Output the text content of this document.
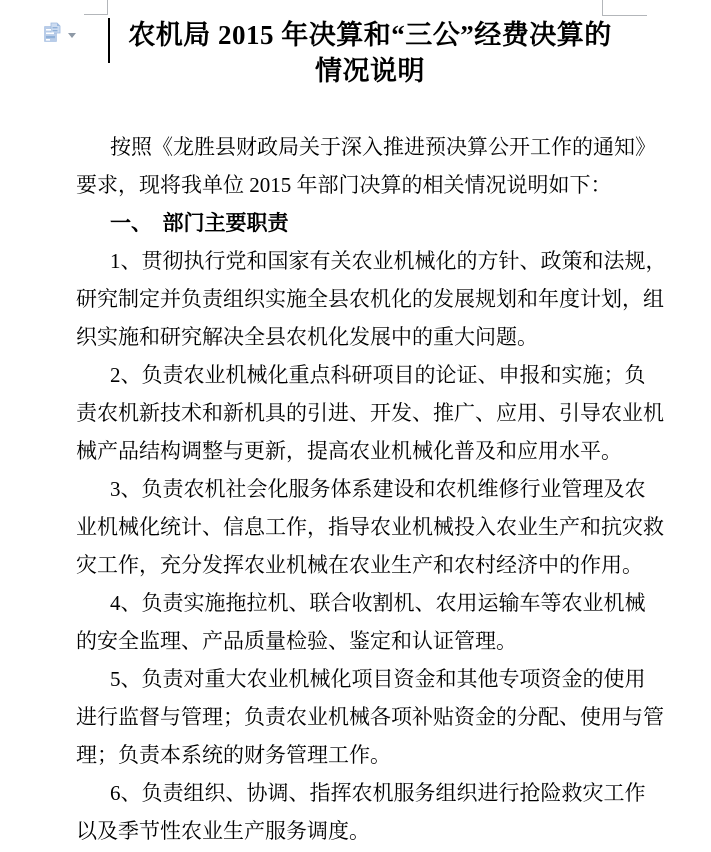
农机局 2015 年决算和“三公”经费决算的
情况说明
按照《龙胜县财政局关于深入推进预决算公开工作的通知》
要求，现将我单位 2015 年部门决算的相关情况说明如下：
一、　部门主要职责
1、贯彻执行党和国家有关农业机械化的方针、政策和法规，
研究制定并负责组织实施全县农机化的发展规划和年度计划，组
织实施和研究解决全县农机化发展中的重大问题。
2、负责农业机械化重点科研项目的论证、申报和实施；负
责农机新技术和新机具的引进、开发、推广、应用、引导农业机
械产品结构调整与更新，提高农业机械化普及和应用水平。
3、负责农机社会化服务体系建设和农机维修行业管理及农
业机械化统计、信息工作，指导农业机械投入农业生产和抗灾救
灾工作，充分发挥农业机械在农业生产和农村经济中的作用。
4、负责实施拖拉机、联合收割机、农用运输车等农业机械
的安全监理、产品质量检验、鉴定和认证管理。
5、负责对重大农业机械化项目资金和其他专项资金的使用
进行监督与管理；负责农业机械各项补贴资金的分配、使用与管
理；负责本系统的财务管理工作。
6、负责组织、协调、指挥农机服务组织进行抢险救灾工作
以及季节性农业生产服务调度。
